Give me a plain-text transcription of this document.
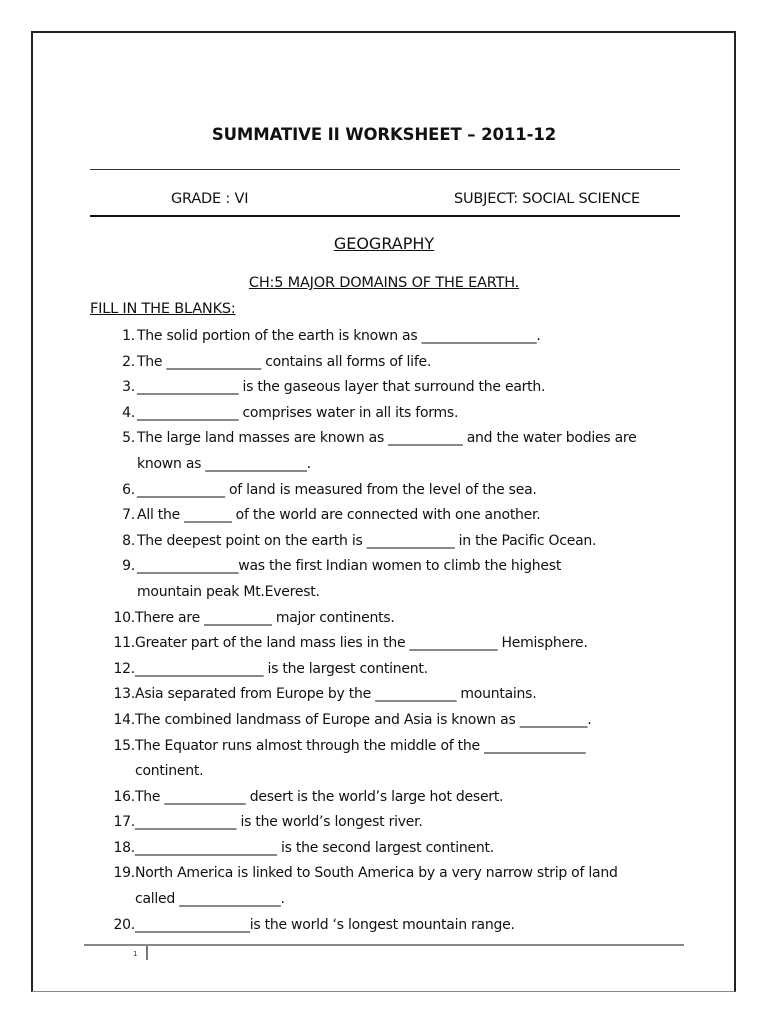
SUMMATIVE II WORKSHEET – 2011-12
GRADE : VI	SUBJECT: SOCIAL SCIENCE
GEOGRAPHY
CH:5 MAJOR DOMAINS OF THE EARTH.
FILL IN THE BLANKS:
1. The solid portion of the earth is known as _________________.
2. The ______________ contains all forms of life.
3. _______________ is the gaseous layer that surround the earth.
4. _______________ comprises water in all its forms.
5. The large land masses are known as ___________ and the water bodies are known as _______________.
6. _____________ of land is measured from the level of the sea.
7. All the _______ of the world are connected with one another.
8. The deepest point on the earth is _____________ in the Pacific Ocean.
9. _______________was the first Indian women to climb the highest mountain peak Mt.Everest.
10. There are __________ major continents.
11. Greater part of the land mass lies in the _____________ Hemisphere.
12. ___________________ is the largest continent.
13. Asia separated from Europe by the ____________ mountains.
14. The combined landmass of Europe and Asia is known as __________.
15. The Equator runs almost through the middle of the _______________ continent.
16. The ____________ desert is the world’s large hot desert.
17. _______________ is the world’s longest river.
18. _____________________ is the second largest continent.
19. North America is linked to South America by a very narrow strip of land called _______________.
20. _________________is the world ‘s longest mountain range.
1
